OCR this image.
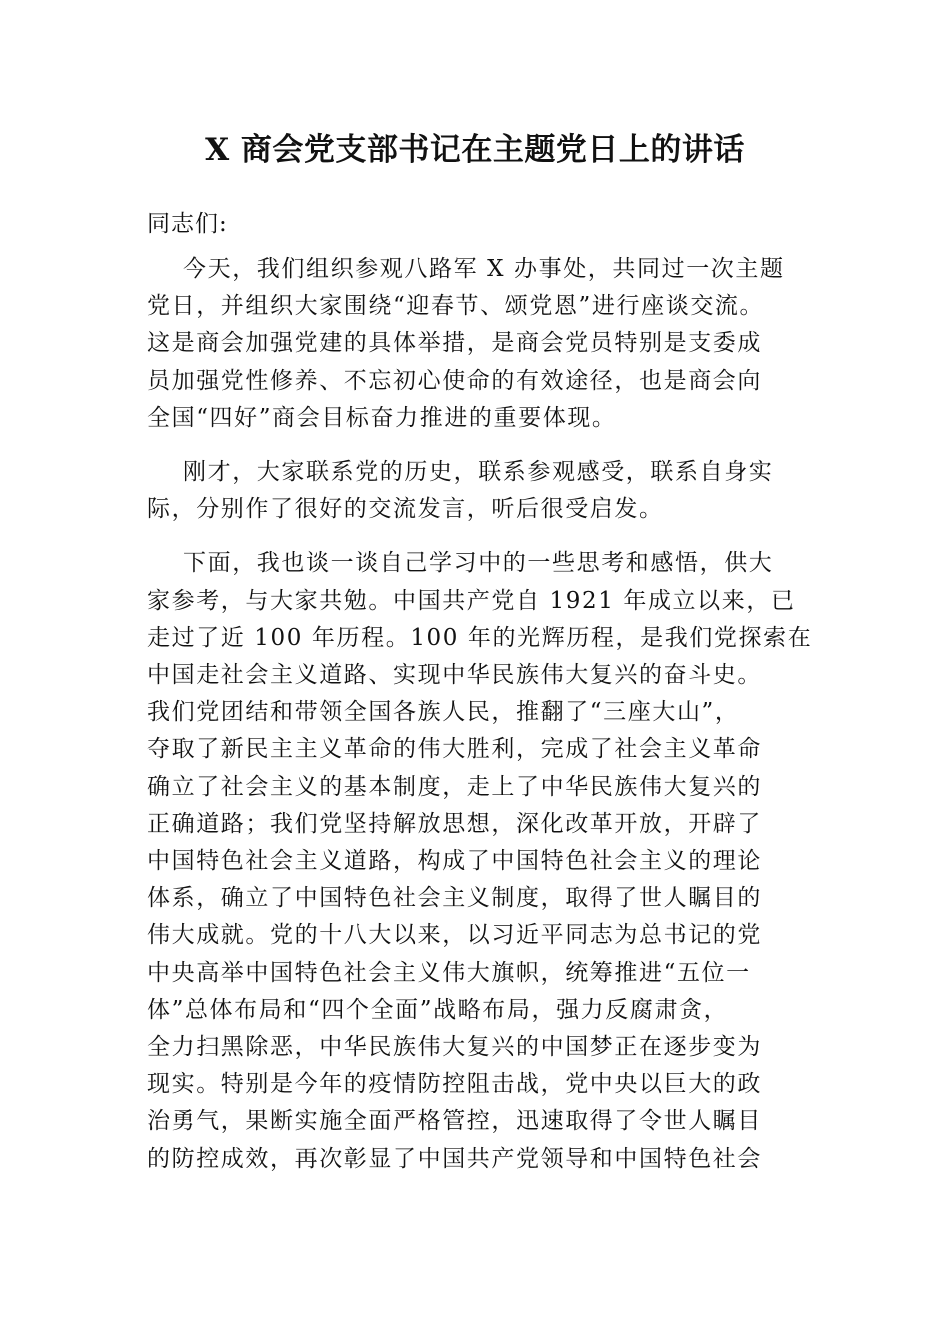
X 商会党支部书记在主题党日上的讲话
同志们:
今天，我们组织参观八路军 X 办事处，共同过一次主题
党日，并组织大家围绕“迎春节、颂党恩”进行座谈交流。
这是商会加强党建的具体举措，是商会党员特别是支委成
员加强党性修养、不忘初心使命的有效途径，也是商会向
全国“四好”商会目标奋力推进的重要体现。
刚才，大家联系党的历史，联系参观感受，联系自身实
际，分别作了很好的交流发言，听后很受启发。
下面，我也谈一谈自己学习中的一些思考和感悟，供大
家参考，与大家共勉。中国共产党自 1921 年成立以来，已
走过了近 100 年历程。100 年的光辉历程，是我们党探索在
中国走社会主义道路、实现中华民族伟大复兴的奋斗史。
我们党团结和带领全国各族人民，推翻了“三座大山”，
夺取了新民主主义革命的伟大胜利，完成了社会主义革命
确立了社会主义的基本制度，走上了中华民族伟大复兴的
正确道路；我们党坚持解放思想，深化改革开放，开辟了
中国特色社会主义道路，构成了中国特色社会主义的理论
体系，确立了中国特色社会主义制度，取得了世人瞩目的
伟大成就。党的十八大以来，以习近平同志为总书记的党
中央高举中国特色社会主义伟大旗帜，统筹推进“五位一
体”总体布局和“四个全面”战略布局，强力反腐肃贪，
全力扫黑除恶，中华民族伟大复兴的中国梦正在逐步变为
现实。特别是今年的疫情防控阻击战，党中央以巨大的政
治勇气，果断实施全面严格管控，迅速取得了令世人瞩目
的防控成效，再次彰显了中国共产党领导和中国特色社会
